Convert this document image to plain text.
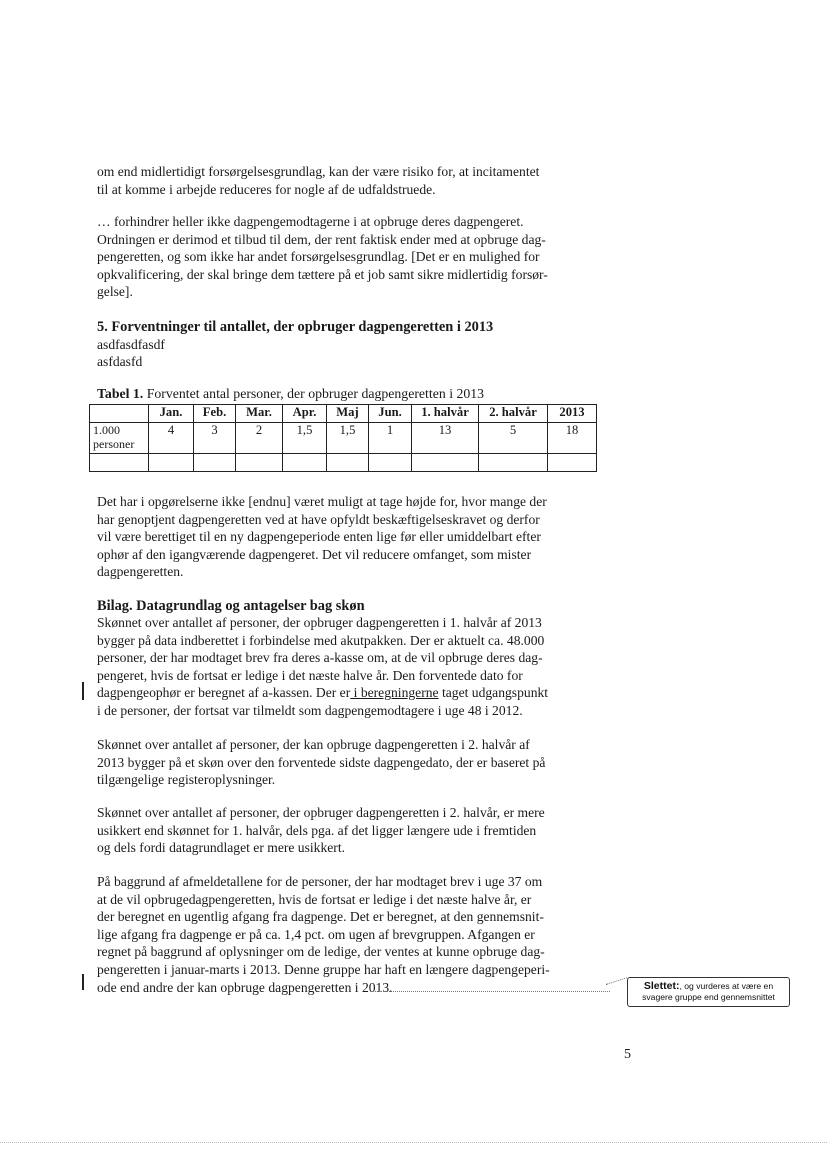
om end midlertidigt forsørgelsesgrundlag, kan der være risiko for, at incitamentet
til at komme i arbejde reduceres for nogle af de udfaldstruede.

… forhindrer heller ikke dagpengemodtagerne i at opbruge deres dagpengeret.
Ordningen er derimod et tilbud til dem, der rent faktisk ender med at opbruge dag-
pengeretten, og som ikke har andet forsørgelsesgrundlag. [Det er en mulighed for
opkvalificering, der skal bringe dem tættere på et job samt sikre midlertidig forsør-
gelse].

5. Forventninger til antallet, der opbruger dagpengeretten i 2013

asdfasdfasdf

asfdasfd

Tabel 1. Forventet antal personer, der opbruger dagpengeretten i 2013
	Jan.	Feb.	Mar.	Apr.	Maj	Jun.	1. halvår	2. halvår	2013
1.000 personer	4	3	2	1,5	1,5	1	13	5	18

Det har i opgørelserne ikke [endnu] været muligt at tage højde for, hvor mange der
har genoptjent dagpengeretten ved at have opfyldt beskæftigelseskravet og derfor
vil være berettiget til en ny dagpengeperiode enten lige før eller umiddelbart efter
ophør af den igangværende dagpengeret. Det vil reducere omfanget, som mister
dagpengeretten.

Bilag. Datagrundlag og antagelser bag skøn

Skønnet over antallet af personer, der opbruger dagpengeretten i 1. halvår af 2013
bygger på data indberettet i forbindelse med akutpakken. Der er aktuelt ca. 48.000
personer, der har modtaget brev fra deres a-kasse om, at de vil opbruge deres dag-
pengeret, hvis de fortsat er ledige i det næste halve år. Den forventede dato for
dagpengeophør er beregnet af a-kassen. Der er i beregningerne taget udgangspunkt
i de personer, der fortsat var tilmeldt som dagpengemodtagere i uge 48 i 2012.

Skønnet over antallet af personer, der kan opbruge dagpengeretten i 2. halvår af
2013 bygger på et skøn over den forventede sidste dagpengedato, der er baseret på
tilgængelige registeroplysninger.

Skønnet over antallet af personer, der opbruger dagpengeretten i 2. halvår, er mere
usikkert end skønnet for 1. halvår, dels pga. af det ligger længere ude i fremtiden
og dels fordi datagrundlaget er mere usikkert.

På baggrund af afmeldetallene for de personer, der har modtaget brev i uge 37 om
at de vil opbrugedagpengeretten, hvis de fortsat er ledige i det næste halve år, er
der beregnet en ugentlig afgang fra dagpenge. Det er beregnet, at den gennemsnit-
lige afgang fra dagpenge er på ca. 1,4 pct. om ugen af brevgruppen. Afgangen er
regnet på baggrund af oplysninger om de ledige, der ventes at kunne opbruge dag-
pengeretten i januar-marts i 2013. Denne gruppe har haft en længere dagpengeperi-
ode end andre der kan opbruge dagpengeretten i 2013.	Slettet:, og vurderes at være en svagere gruppe end gennemsnittet
5
